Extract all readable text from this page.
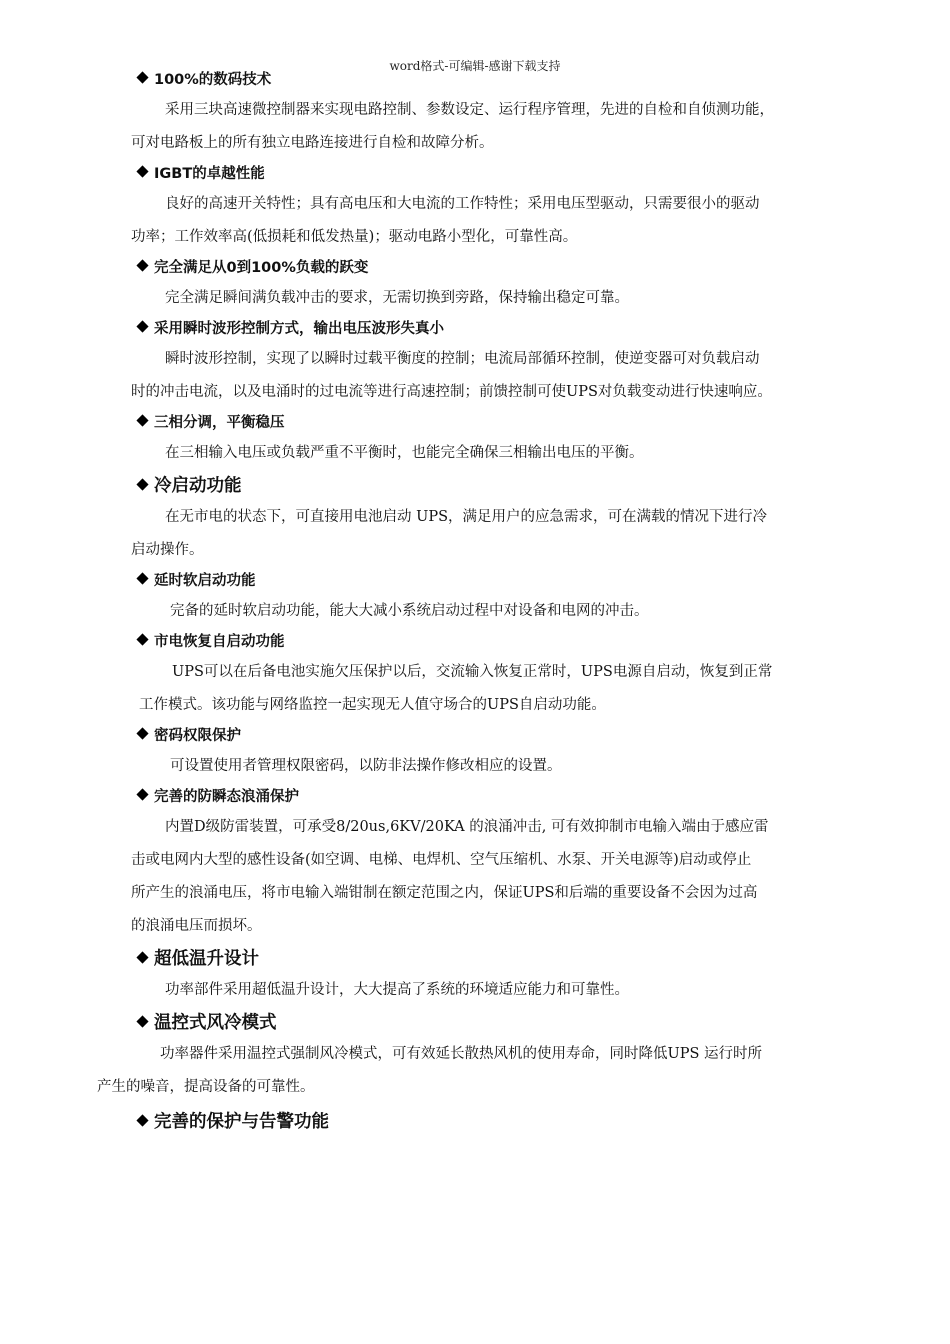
word格式-可编辑-感谢下载支持
100%的数码技术
采用三块高速微控制器来实现电路控制、参数设定、运行程序管理，先进的自检和自侦测功能，
可对电路板上的所有独立电路连接进行自检和故障分析。
IGBT的卓越性能
良好的高速开关特性；具有高电压和大电流的工作特性；采用电压型驱动，只需要很小的驱动
功率；工作效率高(低损耗和低发热量)；驱动电路小型化，可靠性高。
完全满足从0到100%负载的跃变
完全满足瞬间满负载冲击的要求，无需切换到旁路，保持输出稳定可靠。
采用瞬时波形控制方式，输出电压波形失真小
瞬时波形控制，实现了以瞬时过载平衡度的控制；电流局部循环控制，使逆变器可对负载启动
时的冲击电流，以及电涌时的过电流等进行高速控制；前馈控制可使UPS对负载变动进行快速响应。
三相分调，平衡稳压
在三相输入电压或负载严重不平衡时，也能完全确保三相输出电压的平衡。
冷启动功能
在无市电的状态下，可直接用电池启动 UPS，满足用户的应急需求，可在满载的情况下进行冷
启动操作。
延时软启动功能
完备的延时软启动功能，能大大减小系统启动过程中对设备和电网的冲击。
市电恢复自启动功能
UPS可以在后备电池实施欠压保护以后，交流输入恢复正常时，UPS电源自启动，恢复到正常
工作模式。该功能与网络监控一起实现无人值守场合的UPS自启动功能。
密码权限保护
可设置使用者管理权限密码，以防非法操作修改相应的设置。
完善的防瞬态浪涌保护
内置D级防雷装置，可承受8/20us,6KV/20KA 的浪涌冲击, 可有效抑制市电输入端由于感应雷
击或电网内大型的感性设备(如空调、电梯、电焊机、空气压缩机、水泵、开关电源等)启动或停止
所产生的浪涌电压，将市电输入端钳制在额定范围之内，保证UPS和后端的重要设备不会因为过高
的浪涌电压而损坏。
超低温升设计
功率部件采用超低温升设计，大大提高了系统的环境适应能力和可靠性。
温控式风冷模式
功率器件采用温控式强制风冷模式，可有效延长散热风机的使用寿命，同时降低UPS 运行时所
产生的噪音，提高设备的可靠性。
完善的保护与告警功能
